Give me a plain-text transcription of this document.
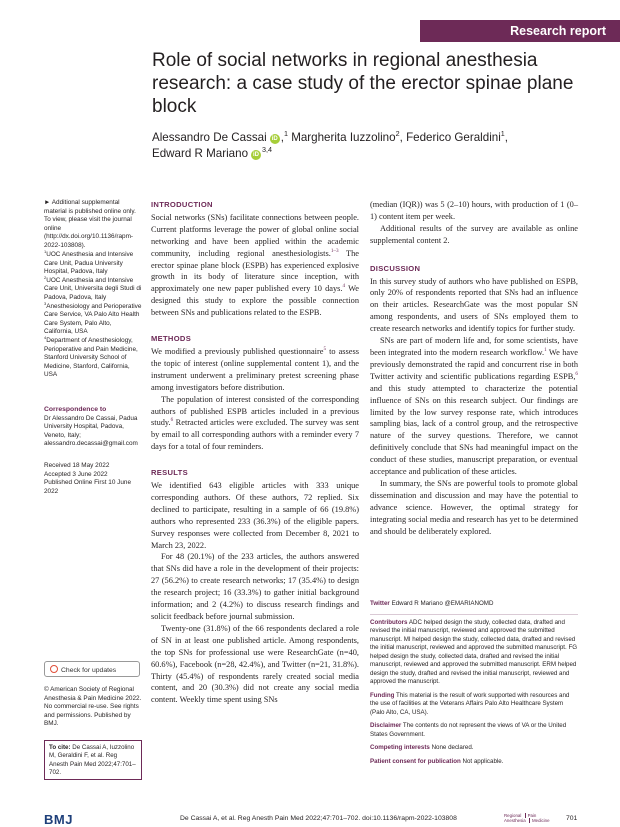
Research report
Role of social networks in regional anesthesia research: a case study of the erector spinae plane block
Alessandro De Cassai iD ,$^1$ Margherita Iuzzolino$^2$, Federico Geraldini$^1$,
Edward R Mariano iD$^{3,4}$
► Additional supplemental material is published online only. To view, please visit the journal online (http://dx.doi.org/10.1136/rapm-2022-103808).
$^1$UOC Anesthesia and Intensive Care Unit, Padua University Hospital, Padova, Italy
$^2$UOC Anesthesia and Intensive Care Unit, Universita degli Studi di Padova, Padova, Italy
$^3$Anesthesiology and Perioperative Care Service, VA Palo Alto Health Care System, Palo Alto, California, USA
$^4$Department of Anesthesiology, Perioperative and Pain Medicine, Stanford University School of Medicine, Stanford, California, USA
Correspondence to
Dr Alessandro De Cassai, Padua University Hospital, Padova, Veneto, Italy; alessandro.decassai@gmail.com
Received 18 May 2022
Accepted 3 June 2022
Published Online First 10 June 2022
Check for updates
© American Society of Regional Anesthesia & Pain Medicine 2022. No commercial re-use. See rights and permissions. Published by BMJ.
To cite: De Cassai A, Iuzzolino M, Geraldini F, et al. Reg Anesth Pain Med 2022;47:701–702.
INTRODUCTION

Social networks (SNs) facilitate connections between people. Current platforms leverage the power of global online social networking and have been applied within the academic community, including regional anesthesiologists.$^{1-3}$ The erector spinae plane block (ESPB) has experienced explosive growth in its body of literature since inception, with approximately one new paper published every 10 days.$^4$ We designed this study to explore the possible connection between SNs and publications related to the ESPB.

METHODS

We modified a previously published questionnaire$^5$ to assess the topic of interest (online supplemental content 1), and the instrument underwent a preliminary pretest screening phase among investigators before distribution.

The population of interest consisted of the corresponding authors of published ESPB articles included in a previous study.$^6$ Retracted articles were excluded. The survey was sent by email to all corresponding authors with a reminder every 7 days for a total of four reminders.

RESULTS

We identified 643 eligible articles with 333 unique corresponding authors. Of these authors, 72 replied. Six declined to participate, resulting in a sample of 66 (19.8%) authors who represented 233 (36.3%) of the eligible papers. Survey responses were collected from December 8, 2021 to March 23, 2022.

For 48 (20.1%) of the 233 articles, the authors answered that SNs did have a role in the development of their projects: 27 (56.2%) to create research networks; 17 (35.4%) to design the research project; 16 (33.3%) to gather initial background information; and 2 (4.2%) to discuss research findings and solicit feedback before journal submission.

Twenty-one (31.8%) of the 66 respondents declared a role of SN in at least one published article. Among respondents, the top SNs for professional use were ResearchGate (n=40, 60.6%), Facebook (n=28, 42.4%), and Twitter (n=21, 31.8%). Thirty (45.4%) of respondents rarely created social media content, and 20 (30.3%) did not create any social media content. Weekly time spent using SNs

(median (IQR)) was 5 (2–10) hours, with production of 1 (0–1) content item per week.

Additional results of the survey are available as online supplemental content 2.

DISCUSSION

In this survey study of authors who have published on ESPB, only 20% of respondents reported that SNs had an influence on their articles. ResearchGate was the most popular SN among respondents, and users of SNs employed them to create research networks and identify topics for further study.

SNs are part of modern life and, for some scientists, have been integrated into the modern research workflow.$^1$ We have previously demonstrated the rapid and concurrent rise in both Twitter activity and scientific publications regarding ESPB,$^6$ and this study attempted to characterize the potential influence of SNs on this research subject. Our findings are limited by the low survey response rate, which introduces sampling bias, lack of a control group, and the retrospective nature of the survey questions. Therefore, we cannot definitively conclude that SNs had meaningful impact on the conduct of these studies, manuscript preparation, or eventual acceptance and publication of these articles.

In summary, the SNs are powerful tools to promote global dissemination and discussion and may have the potential to advance science. However, the optimal strategy for integrating social media and research has yet to be determined and should be deliberately explored.

Twitter Edward R Mariano @EMARIANOMD
Contributors ADC helped design the study, collected data, drafted and revised the initial manuscript, reviewed and approved the submitted manuscript. MI helped design the study, collected data, drafted and revised the initial manuscript, reviewed and approved the submitted manuscript. FG helped design the study, collected data, drafted and revised the initial manuscript, reviewed and approved the submitted manuscript. ERM helped design the study, drafted and revised the initial manuscript, reviewed and approved the manuscript.
Funding This material is the result of work supported with resources and the use of facilities at the Veterans Affairs Palo Alto Healthcare System (Palo Alto, CA, USA).
Disclaimer The contents do not represent the views of VA or the United States Government.
Competing interests None declared.
Patient consent for publication Not applicable.
BMJ	De Cassai A, et al. Reg Anesth Pain Med 2022;47:701–702. doi:10.1136/rapm-2022-103808	Regional Pain
Anesthesia Medicine 701
